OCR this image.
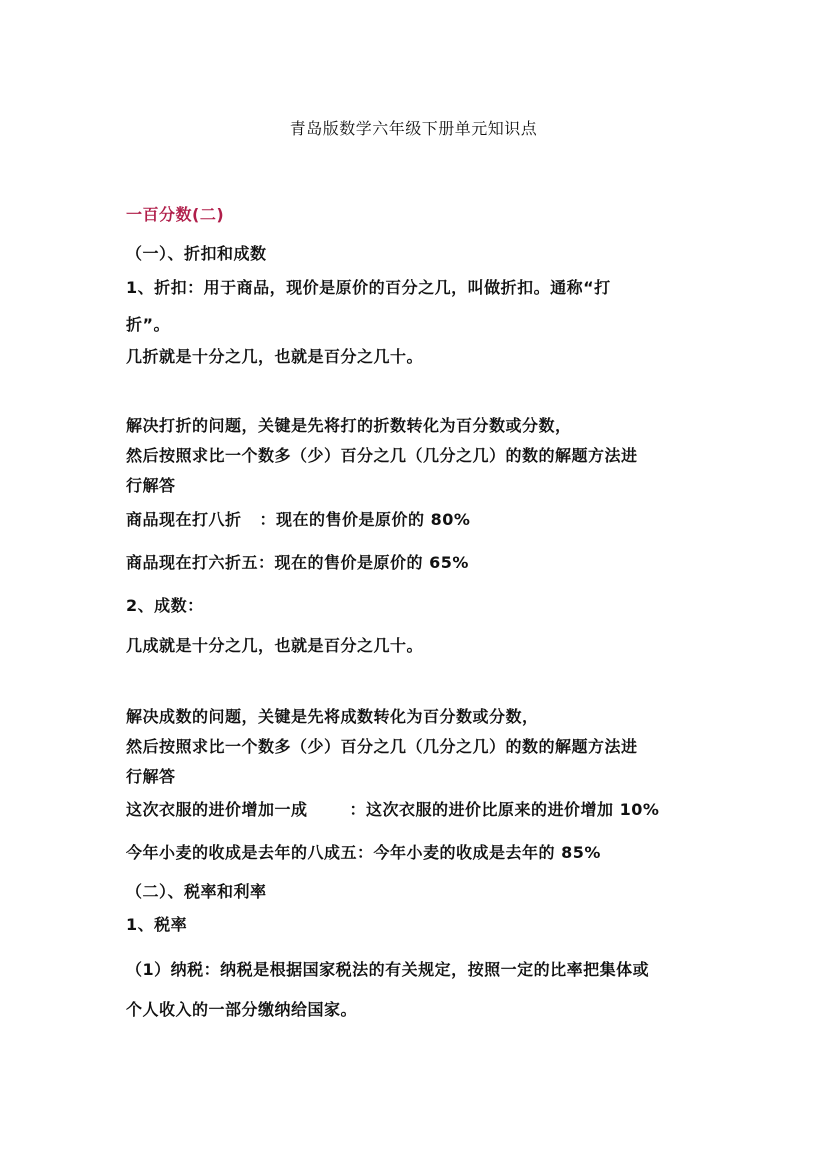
青岛版数学六年级下册单元知识点
一百分数(二)
（一）、折扣和成数
1、折扣：用于商品，现价是原价的百分之几，叫做折扣。通称“打
折”。
几折就是十分之几，也就是百分之几十。
解决打折的问题，关键是先将打的折数转化为百分数或分数，
然后按照求比一个数多（少）百分之几（几分之几）的数的解题方法进
行解答
商品现在打八折 ：现在的售价是原价的 80%
商品现在打六折五：现在的售价是原价的 65%
2、成数：
几成就是十分之几，也就是百分之几十。
解决成数的问题，关键是先将成数转化为百分数或分数，
然后按照求比一个数多（少）百分之几（几分之几）的数的解题方法进
行解答
这次衣服的进价增加一成	：这次衣服的进价比原来的进价增加 10%
今年小麦的收成是去年的八成五：今年小麦的收成是去年的 85%
（二）、税率和利率
1、税率
（1）纳税：纳税是根据国家税法的有关规定，按照一定的比率把集体或
个人收入的一部分缴纳给国家。
